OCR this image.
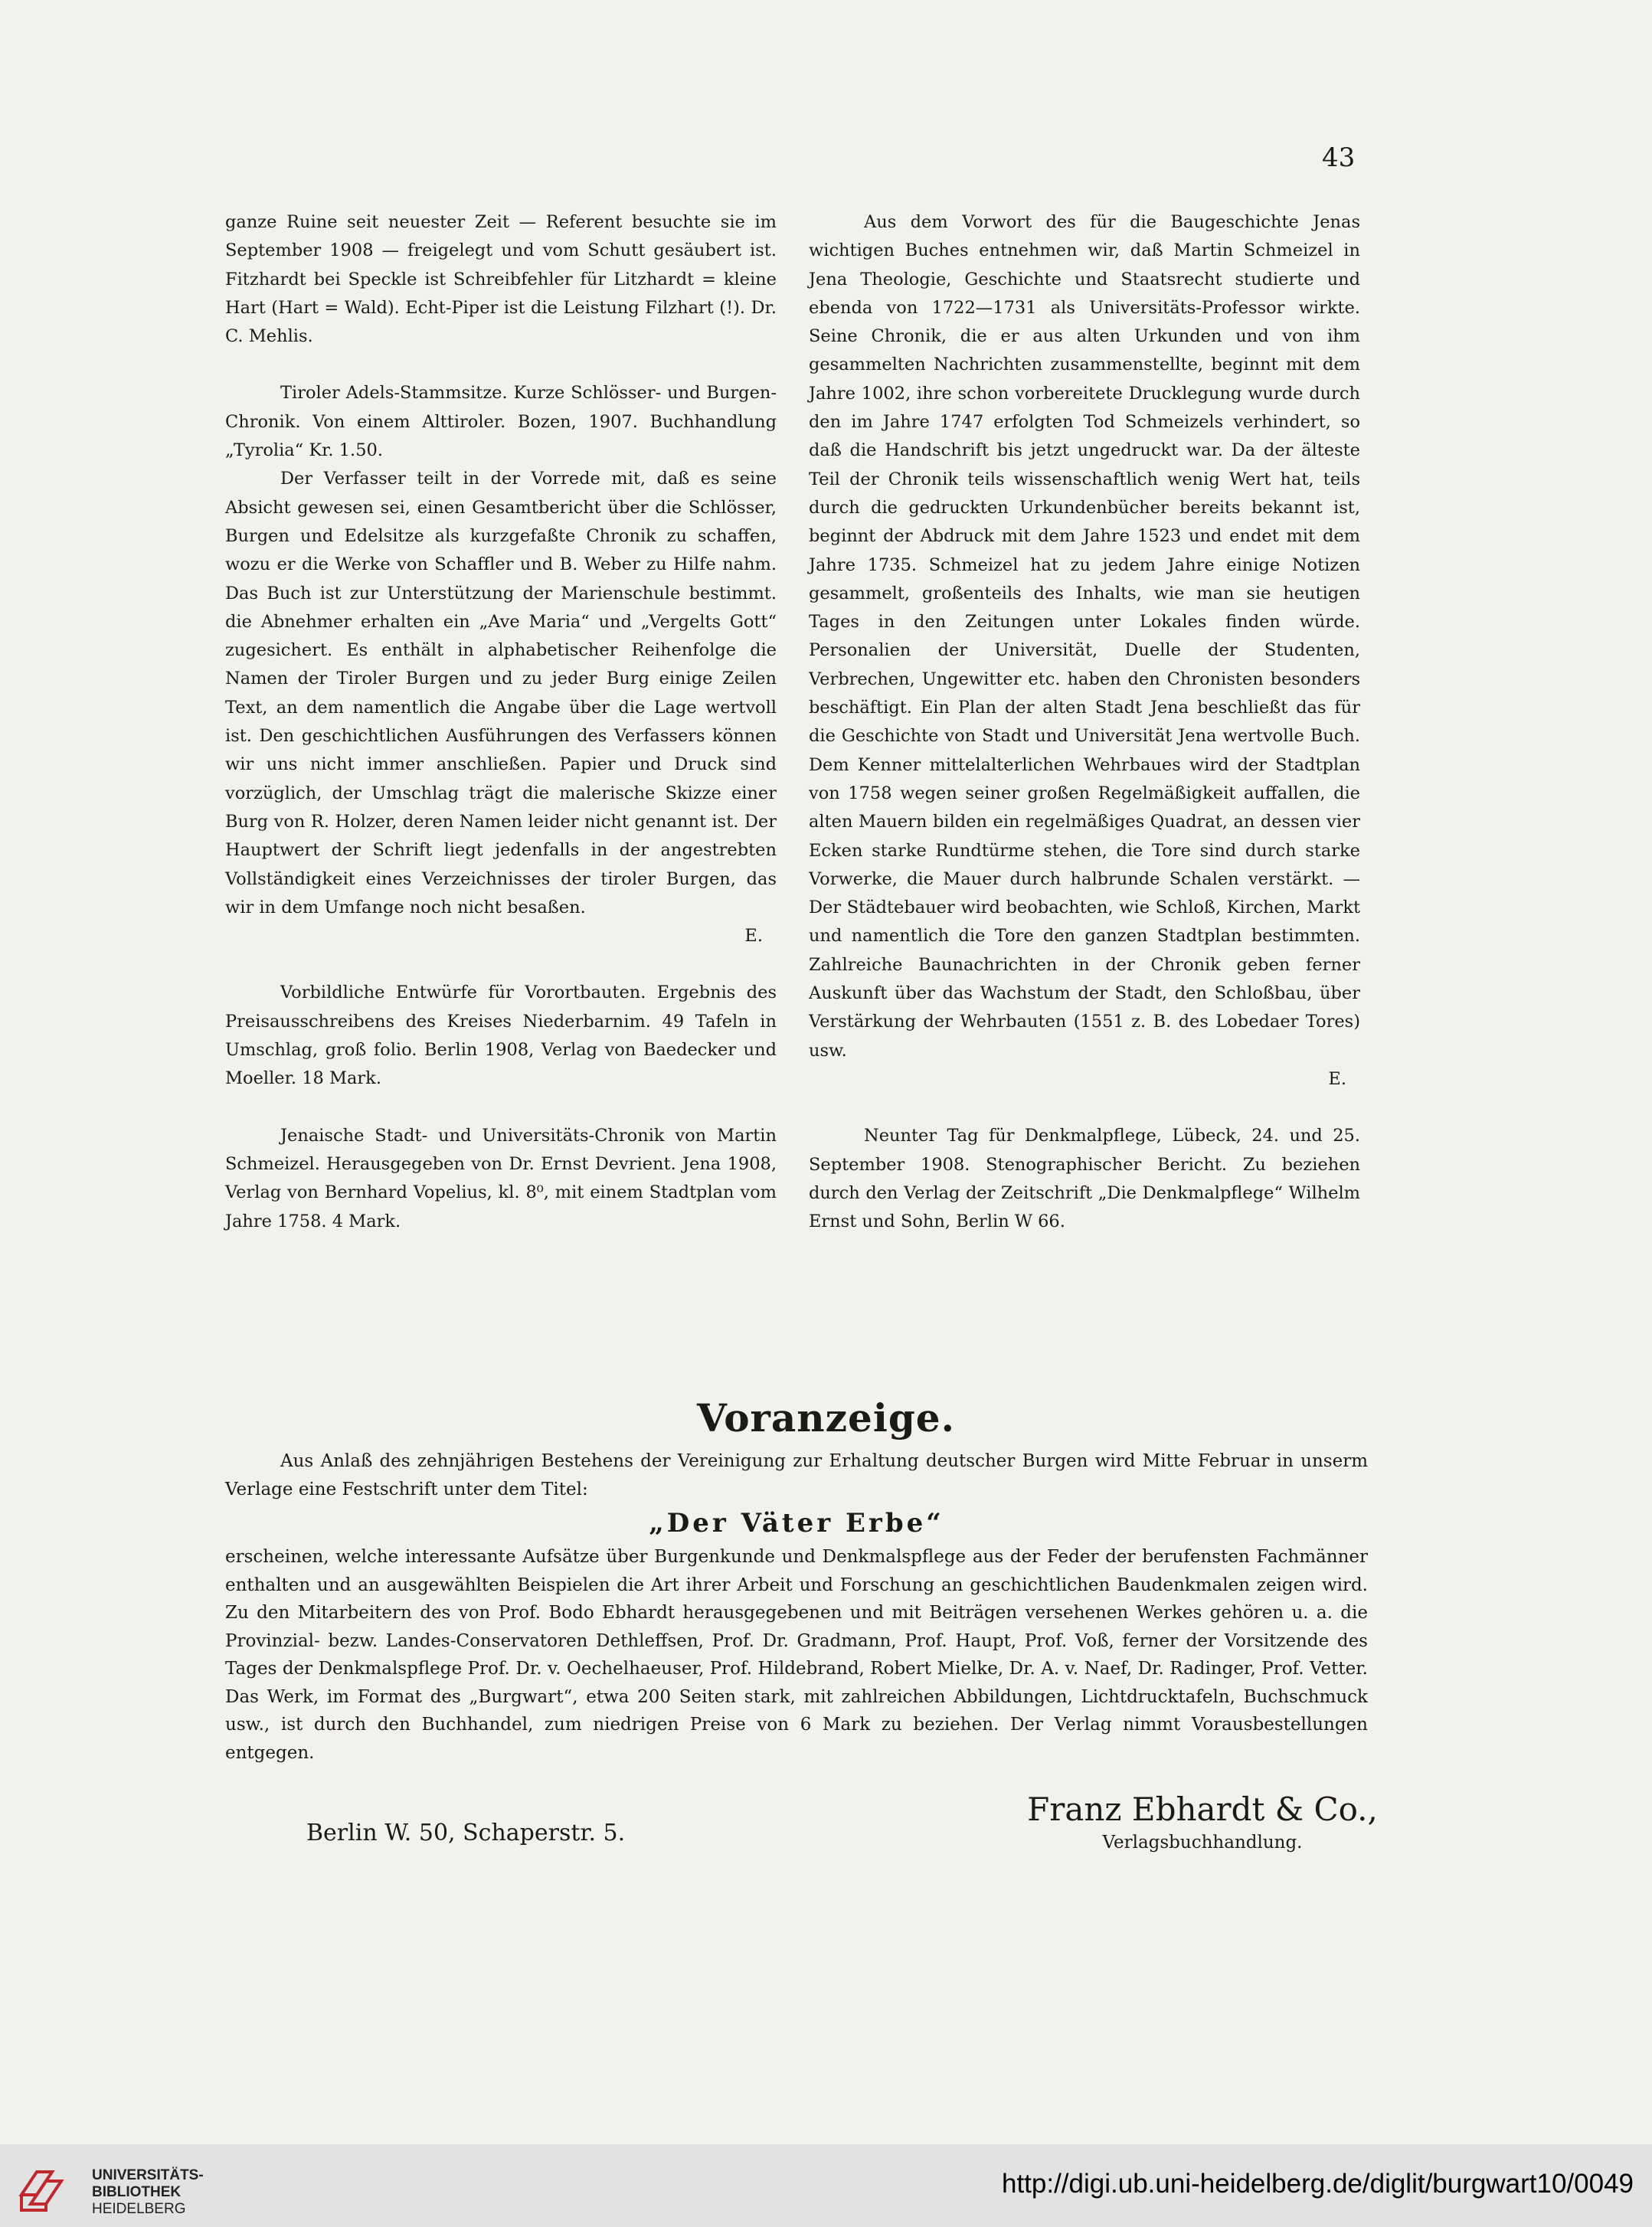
43

ganze Ruine seit neuester Zeit — Referent besuchte sie im September 1908 — freigelegt und vom Schutt gesäubert ist. Fitzhardt bei Speckle ist Schreibfehler für Litzhardt = kleine Hart (Hart = Wald). Echt-Piper ist die Leistung Filzhart (!). Dr. C. Mehlis.

Tiroler Adels-Stammsitze. Kurze Schlösser- und Burgen-Chronik. Von einem Alttiroler. Bozen, 1907. Buchhandlung „Tyrolia“ Kr. 1.50.

Der Verfasser teilt in der Vorrede mit, daß es seine Absicht gewesen sei, einen Gesamtbericht über die Schlösser, Burgen und Edelsitze als kurzgefaßte Chronik zu schaffen, wozu er die Werke von Schaffler und B. Weber zu Hilfe nahm. Das Buch ist zur Unterstützung der Marienschule bestimmt. die Abnehmer erhalten ein „Ave Maria“ und „Vergelts Gott“ zugesichert. Es enthält in alphabetischer Reihenfolge die Namen der Tiroler Burgen und zu jeder Burg einige Zeilen Text, an dem namentlich die Angabe über die Lage wertvoll ist. Den geschichtlichen Ausführungen des Verfassers können wir uns nicht immer anschließen. Papier und Druck sind vorzüglich, der Umschlag trägt die malerische Skizze einer Burg von R. Holzer, deren Namen leider nicht genannt ist. Der Hauptwert der Schrift liegt jedenfalls in der angestrebten Vollständigkeit eines Verzeichnisses der tiroler Burgen, das wir in dem Umfange noch nicht besaßen.

E.

Vorbildliche Entwürfe für Vorortbauten. Ergebnis des Preisausschreibens des Kreises Niederbarnim. 49 Tafeln in Umschlag, groß folio. Berlin 1908, Verlag von Baedecker und Moeller. 18 Mark.

Jenaische Stadt- und Universitäts-Chronik von Martin Schmeizel. Herausgegeben von Dr. Ernst Devrient. Jena 1908, Verlag von Bernhard Vopelius, kl. 8⁰, mit einem Stadtplan vom Jahre 1758. 4 Mark.

Aus dem Vorwort des für die Baugeschichte Jenas wichtigen Buches entnehmen wir, daß Martin Schmeizel in Jena Theologie, Geschichte und Staatsrecht studierte und ebenda von 1722—1731 als Universitäts-Professor wirkte. Seine Chronik, die er aus alten Urkunden und von ihm gesammelten Nachrichten zusammenstellte, beginnt mit dem Jahre 1002, ihre schon vorbereitete Drucklegung wurde durch den im Jahre 1747 erfolgten Tod Schmeizels verhindert, so daß die Handschrift bis jetzt ungedruckt war. Da der älteste Teil der Chronik teils wissenschaftlich wenig Wert hat, teils durch die gedruckten Urkundenbücher bereits bekannt ist, beginnt der Abdruck mit dem Jahre 1523 und endet mit dem Jahre 1735. Schmeizel hat zu jedem Jahre einige Notizen gesammelt, großenteils des Inhalts, wie man sie heutigen Tages in den Zeitungen unter Lokales finden würde. Personalien der Universität, Duelle der Studenten, Verbrechen, Ungewitter etc. haben den Chronisten besonders beschäftigt. Ein Plan der alten Stadt Jena beschließt das für die Geschichte von Stadt und Universität Jena wertvolle Buch. Dem Kenner mittelalterlichen Wehrbaues wird der Stadtplan von 1758 wegen seiner großen Regelmäßigkeit auffallen, die alten Mauern bilden ein regelmäßiges Quadrat, an dessen vier Ecken starke Rundtürme stehen, die Tore sind durch starke Vorwerke, die Mauer durch halbrunde Schalen verstärkt. — Der Städtebauer wird beobachten, wie Schloß, Kirchen, Markt und namentlich die Tore den ganzen Stadtplan bestimmten. Zahlreiche Baunachrichten in der Chronik geben ferner Auskunft über das Wachstum der Stadt, den Schloßbau, über Verstärkung der Wehrbauten (1551 z. B. des Lobedaer Tores) usw.

E.

Neunter Tag für Denkmalpflege, Lübeck, 24. und 25. September 1908. Stenographischer Bericht. Zu beziehen durch den Verlag der Zeitschrift „Die Denkmalpflege“ Wilhelm Ernst und Sohn, Berlin W 66.

Voranzeige.

Aus Anlaß des zehnjährigen Bestehens der Vereinigung zur Erhaltung deutscher Burgen wird Mitte Februar in unserm Verlage eine Festschrift unter dem Titel:

„Der Väter Erbe“

erscheinen, welche interessante Aufsätze über Burgenkunde und Denkmalspflege aus der Feder der berufensten Fachmänner enthalten und an ausgewählten Beispielen die Art ihrer Arbeit und Forschung an geschichtlichen Baudenkmalen zeigen wird. Zu den Mitarbeitern des von Prof. Bodo Ebhardt herausgegebenen und mit Beiträgen versehenen Werkes gehören u. a. die Provinzial- bezw. Landes-Conservatoren Dethleffsen, Prof. Dr. Gradmann, Prof. Haupt, Prof. Voß, ferner der Vorsitzende des Tages der Denkmalspflege Prof. Dr. v. Oechelhaeuser, Prof. Hildebrand, Robert Mielke, Dr. A. v. Naef, Dr. Radinger, Prof. Vetter. Das Werk, im Format des „Burgwart“, etwa 200 Seiten stark, mit zahlreichen Abbildungen, Lichtdrucktafeln, Buchschmuck usw., ist durch den Buchhandel, zum niedrigen Preise von 6 Mark zu beziehen. Der Verlag nimmt Vorausbestellungen entgegen.

Berlin W. 50, Schaperstr. 5.

Franz Ebhardt & Co.,
Verlagsbuchhandlung.
UNIVERSITÄTS-
BIBLIOTHEK
HEIDELBERG
http://digi.ub.uni-heidelberg.de/diglit/burgwart10/0049
